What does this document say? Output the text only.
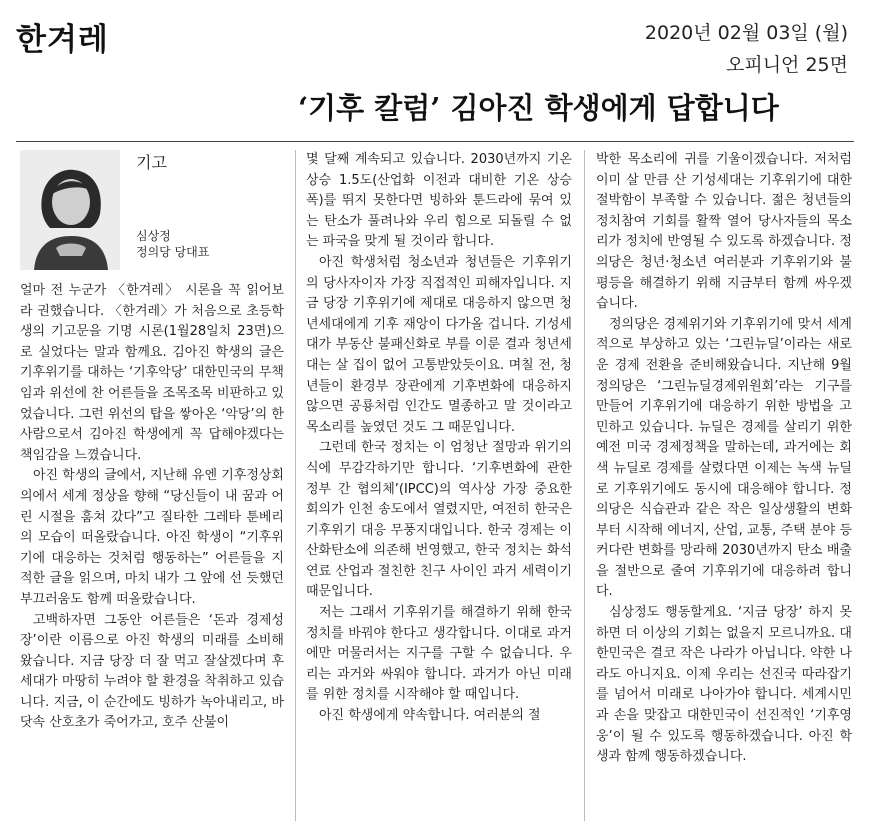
한겨레	2020년 02월 03일 (월)
오피니언 25면
‘기후 칼럼’ 김아진 학생에게 답합니다
기고
심상정
정의당 당대표

얼마 전 누군가 〈한겨레〉 시론을 꼭 읽어보라 권했습니다. 〈한겨레〉가 처음으로 초등학생의 기고문을 기명 시론(1월28일치 23면)으로 실었다는 말과 함께요. 김아진 학생의 글은 기후위기를 대하는 ‘기후악당’ 대한민국의 무책임과 위선에 찬 어른들을 조목조목 비판하고 있었습니다. 그런 위선의 탑을 쌓아온 ‘악당’의 한 사람으로서 김아진 학생에게 꼭 답해야겠다는 책임감을 느꼈습니다.

아진 학생의 글에서, 지난해 유엔 기후정상회의에서 세계 정상을 향해 “당신들이 내 꿈과 어린 시절을 훔쳐 갔다”고 질타한 그레타 툰베리의 모습이 떠올랐습니다. 아진 학생이 “기후위기에 대응하는 것처럼 행동하는” 어른들을 지적한 글을 읽으며, 마치 내가 그 앞에 선 듯했던 부끄러움도 함께 떠올랐습니다.

고백하자면 그동안 어른들은 ‘돈과 경제성장’이란 이름으로 아진 학생의 미래를 소비해 왔습니다. 지금 당장 더 잘 먹고 잘살겠다며 후세대가 마땅히 누려야 할 환경을 착취하고 있습니다. 지금, 이 순간에도 빙하가 녹아내리고, 바닷속 산호초가 죽어가고, 호주 산불이

몇 달째 계속되고 있습니다. 2030년까지 기온상승 1.5도(산업화 이전과 대비한 기온 상승 폭)를 뛰지 못한다면 빙하와 툰드라에 묶여 있는 탄소가 풀려나와 우리 힘으로 되돌릴 수 없는 파국을 맞게 될 것이라 합니다.

아진 학생처럼 청소년과 청년들은 기후위기의 당사자이자 가장 직접적인 피해자입니다. 지금 당장 기후위기에 제대로 대응하지 않으면 청년세대에게 기후 재앙이 다가올 겁니다. 기성세대가 부동산 불패신화로 부를 이룬 결과 청년세대는 살 집이 없어 고통받았듯이요. 며칠 전, 청년들이 환경부 장관에게 기후변화에 대응하지 않으면 공룡처럼 인간도 멸종하고 말 것이라고 목소리를 높였던 것도 그 때문입니다.

그런데 한국 정치는 이 엄청난 절망과 위기의식에 무감각하기만 합니다. ‘기후변화에 관한 정부 간 협의체’(IPCC)의 역사상 가장 중요한 회의가 인천 송도에서 열렸지만, 여전히 한국은 기후위기 대응 무풍지대입니다. 한국 경제는 이산화탄소에 의존해 번영했고, 한국 정치는 화석연료 산업과 절친한 친구 사이인 과거 세력이기 때문입니다.

저는 그래서 기후위기를 해결하기 위해 한국 정치를 바꿔야 한다고 생각합니다. 이대로 과거에만 머물러서는 지구를 구할 수 없습니다. 우리는 과거와 싸워야 합니다. 과거가 아닌 미래를 위한 정치를 시작해야 할 때입니다.

아진 학생에게 약속합니다. 여러분의 절

박한 목소리에 귀를 기울이겠습니다. 저처럼 이미 살 만큼 산 기성세대는 기후위기에 대한 절박함이 부족할 수 있습니다. 젊은 청년들의 정치참여 기회를 활짝 열어 당사자들의 목소리가 정치에 반영될 수 있도록 하겠습니다. 정의당은 청년·청소년 여러분과 기후위기와 불평등을 해결하기 위해 지금부터 함께 싸우겠습니다.

정의당은 경제위기와 기후위기에 맞서 세계적으로 부상하고 있는 ‘그린뉴딜’이라는 새로운 경제 전환을 준비해왔습니다. 지난해 9월 정의당은 ‘그린뉴딜경제위원회’라는 기구를 만들어 기후위기에 대응하기 위한 방법을 고민하고 있습니다. 뉴딜은 경제를 살리기 위한 예전 미국 경제정책을 말하는데, 과거에는 회색 뉴딜로 경제를 살렸다면 이제는 녹색 뉴딜로 기후위기에도 동시에 대응해야 합니다. 정의당은 식습관과 같은 작은 일상생활의 변화부터 시작해 에너지, 산업, 교통, 주택 분야 등 커다란 변화를 망라해 2030년까지 탄소 배출을 절반으로 줄여 기후위기에 대응하려 합니다.

심상정도 행동할게요. ‘지금 당장’ 하지 못하면 더 이상의 기회는 없을지 모르니까요. 대한민국은 결코 작은 나라가 아닙니다. 약한 나라도 아니지요. 이제 우리는 선진국 따라잡기를 넘어서 미래로 나아가야 합니다. 세계시민과 손을 맞잡고 대한민국이 선진적인 ‘기후영웅’이 될 수 있도록 행동하겠습니다. 아진 학생과 함께 행동하겠습니다.
